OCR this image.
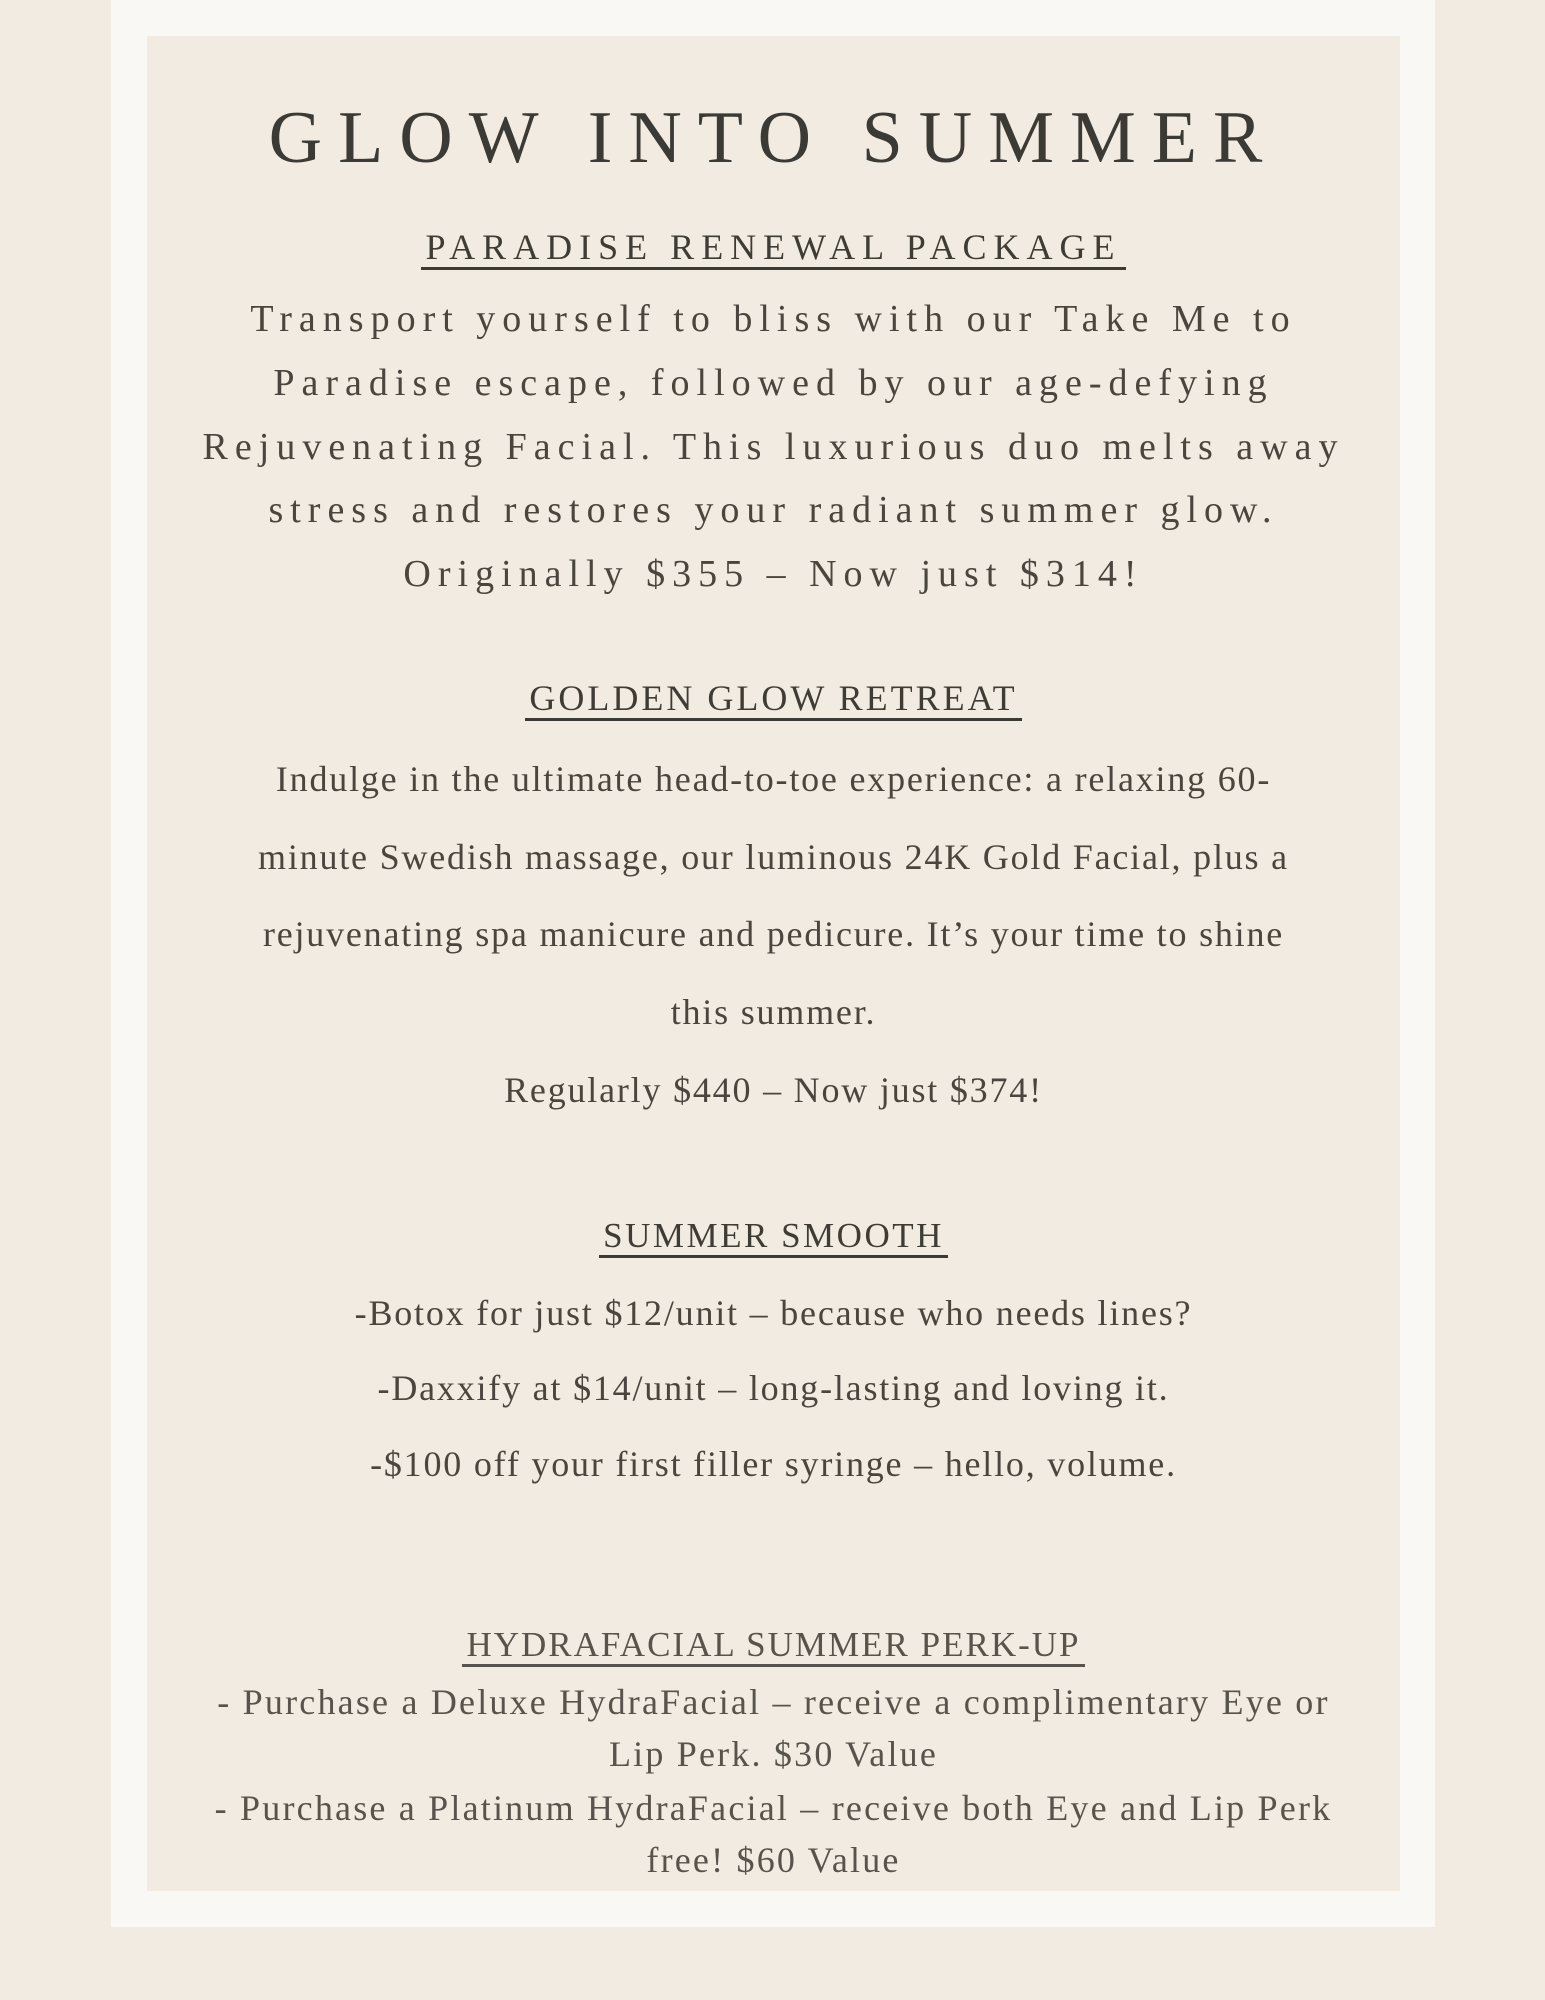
GLOW INTO SUMMER
PARADISE RENEWAL PACKAGE

Transport yourself to bliss with our Take Me to

Paradise escape, followed by our age-defying

Rejuvenating Facial. This luxurious duo melts away

stress and restores your radiant summer glow.

Originally $355 – Now just $314!

GOLDEN GLOW RETREAT

Indulge in the ultimate head-to-toe experience: a relaxing 60-

minute Swedish massage, our luminous 24K Gold Facial, plus a

rejuvenating spa manicure and pedicure. It’s your time to shine

this summer.

Regularly $440 – Now just $374!

SUMMER SMOOTH

-Botox for just $12/unit – because who needs lines?

-Daxxify at $14/unit – long-lasting and loving it.

-$100 off your first filler syringe – hello, volume.

HYDRAFACIAL SUMMER PERK-UP

- Purchase a Deluxe HydraFacial – receive a complimentary Eye or

Lip Perk. $30 Value

- Purchase a Platinum HydraFacial – receive both Eye and Lip Perk

free! $60 Value
